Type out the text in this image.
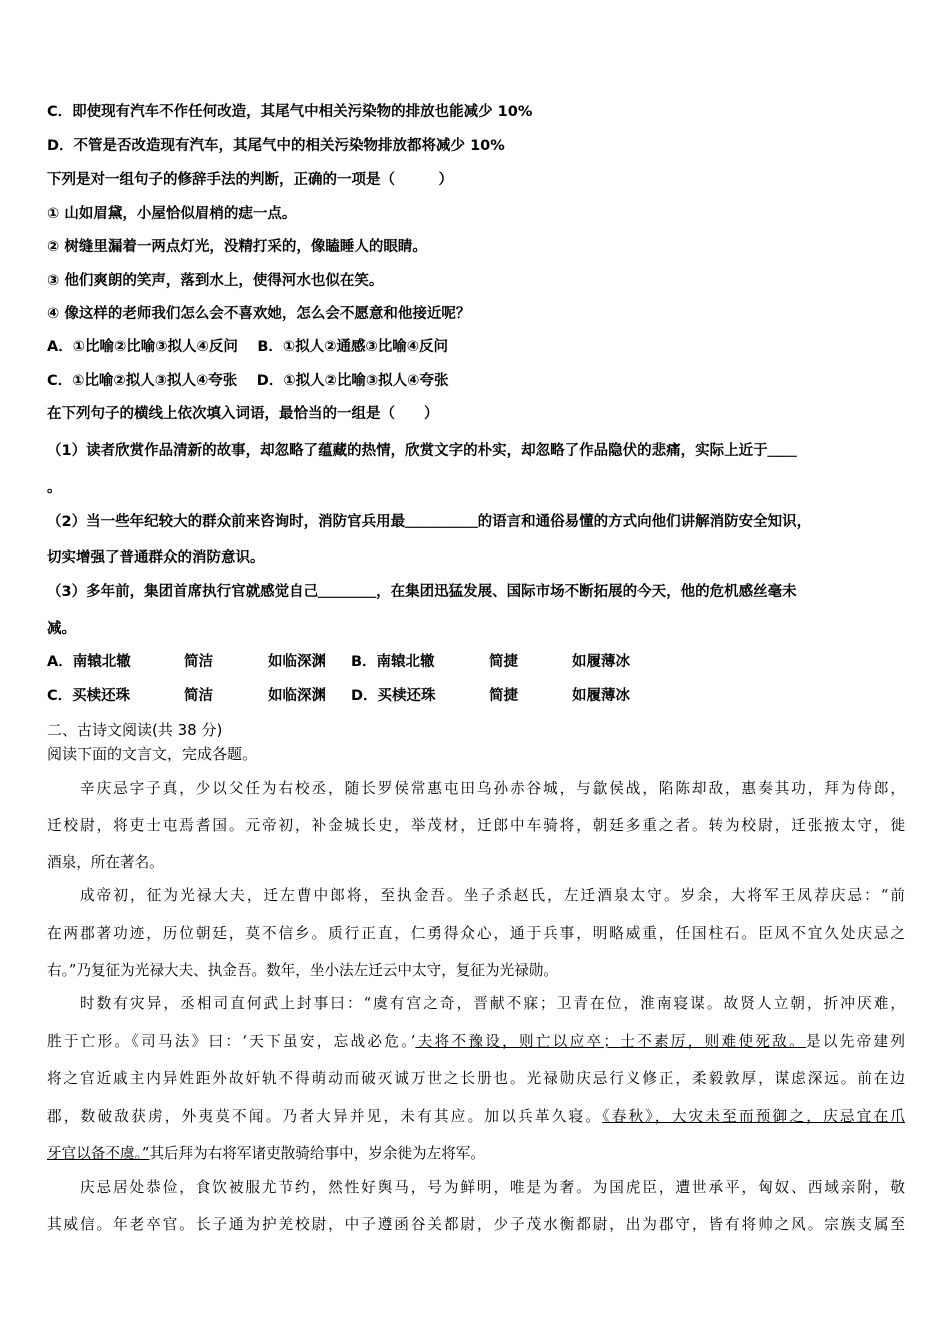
C．即使现有汽车不作任何改造，其尾气中相关污染物的排放也能减少 10%
D．不管是否改造现有汽车，其尾气中的相关污染物排放都将减少 10%
下列是对一组句子的修辞手法的判断，正确的一项是（　　　）
① 山如眉黛，小屋恰似眉梢的痣一点。
② 树缝里漏着一两点灯光，没精打采的，像瞌睡人的眼睛。
③ 他们爽朗的笑声，落到水上，使得河水也似在笑。
④ 像这样的老师我们怎么会不喜欢她，怎么会不愿意和他接近呢？
A．①比喻②比喻③拟人④反问　 B．①拟人②通感③比喻④反问
C．①比喻②拟人③拟人④夸张　 D．①拟人②比喻③拟人④夸张
在下列句子的横线上依次填入词语，最恰当的一组是（　　）
（1）读者欣赏作品清新的故事，却忽略了蕴藏的热情，欣赏文字的朴实，却忽略了作品隐伏的悲痛，实际上近于＿＿
。
（2）当一些年纪较大的群众前来咨询时，消防官兵用最＿＿＿＿＿的语言和通俗易懂的方式向他们讲解消防安全知识，
切实增强了普通群众的消防意识。
（3）多年前，集团首席执行官就感觉自己＿＿＿＿，在集团迅猛发展、国际市场不断拓展的今天，他的危机感丝毫未
减。
A．南辕北辙	简洁	如临深渊 B．南辕北辙	简捷	如履薄冰
C．买椟还珠	简洁	如临深渊 D．买椟还珠	简捷	如履薄冰
二、古诗文阅读(共 38 分)
阅读下面的文言文，完成各题。
辛庆忌字子真，少以父任为右校丞，随长罗侯常惠屯田乌孙赤谷城，与歙侯战，陷陈却敌，惠奏其功，拜为侍郎，
迁校尉，将吏士屯焉耆国。元帝初，补金城长史，举茂材，迁郎中车骑将，朝廷多重之者。转为校尉，迁张掖太守，徙
酒泉，所在著名。
成帝初，征为光禄大夫，迁左曹中郎将，至执金吾。坐子杀赵氏，左迁酒泉太守。岁余，大将军王凤荐庆忌：“前
在两郡著功迹，历位朝廷，莫不信乡。质行正直，仁勇得众心，通于兵事，明略威重，任国柱石。臣凤不宜久处庆忌之
右。”乃复征为光禄大夫、执金吾。数年，坐小法左迁云中太守，复征为光禄勋。
时数有灾异，丞相司直何武上封事曰：“虞有宫之奇，晋献不寐；卫青在位，淮南寝谋。故贤人立朝，折冲厌难，
胜于亡形。《司马法》曰：‘天下虽安，忘战必危。’夫将不豫设，则亡以应卒；士不素厉，则难使死敌。是以先帝建列
将之官近戚主内异姓距外故奸轨不得萌动而破灭诚万世之长册也。光禄勋庆忌行义修正，柔毅敦厚，谋虑深远。前在边
郡，数破敌获虏，外夷莫不闻。乃者大异并见，未有其应。加以兵革久寝。《春秋》，大灾未至而预御之，庆忌宜在爪
牙官以备不虞。”其后拜为右将军诸吏散骑给事中，岁余徙为左将军。
庆忌居处恭俭，食饮被服尤节约，然性好舆马，号为鲜明，唯是为奢。为国虎臣，遭世承平，匈奴、西域亲附，敬
其威信。年老卒官。长子通为护羌校尉，中子遵函谷关都尉，少子茂水衡都尉，出为郡守，皆有将帅之风。宗族支属至
